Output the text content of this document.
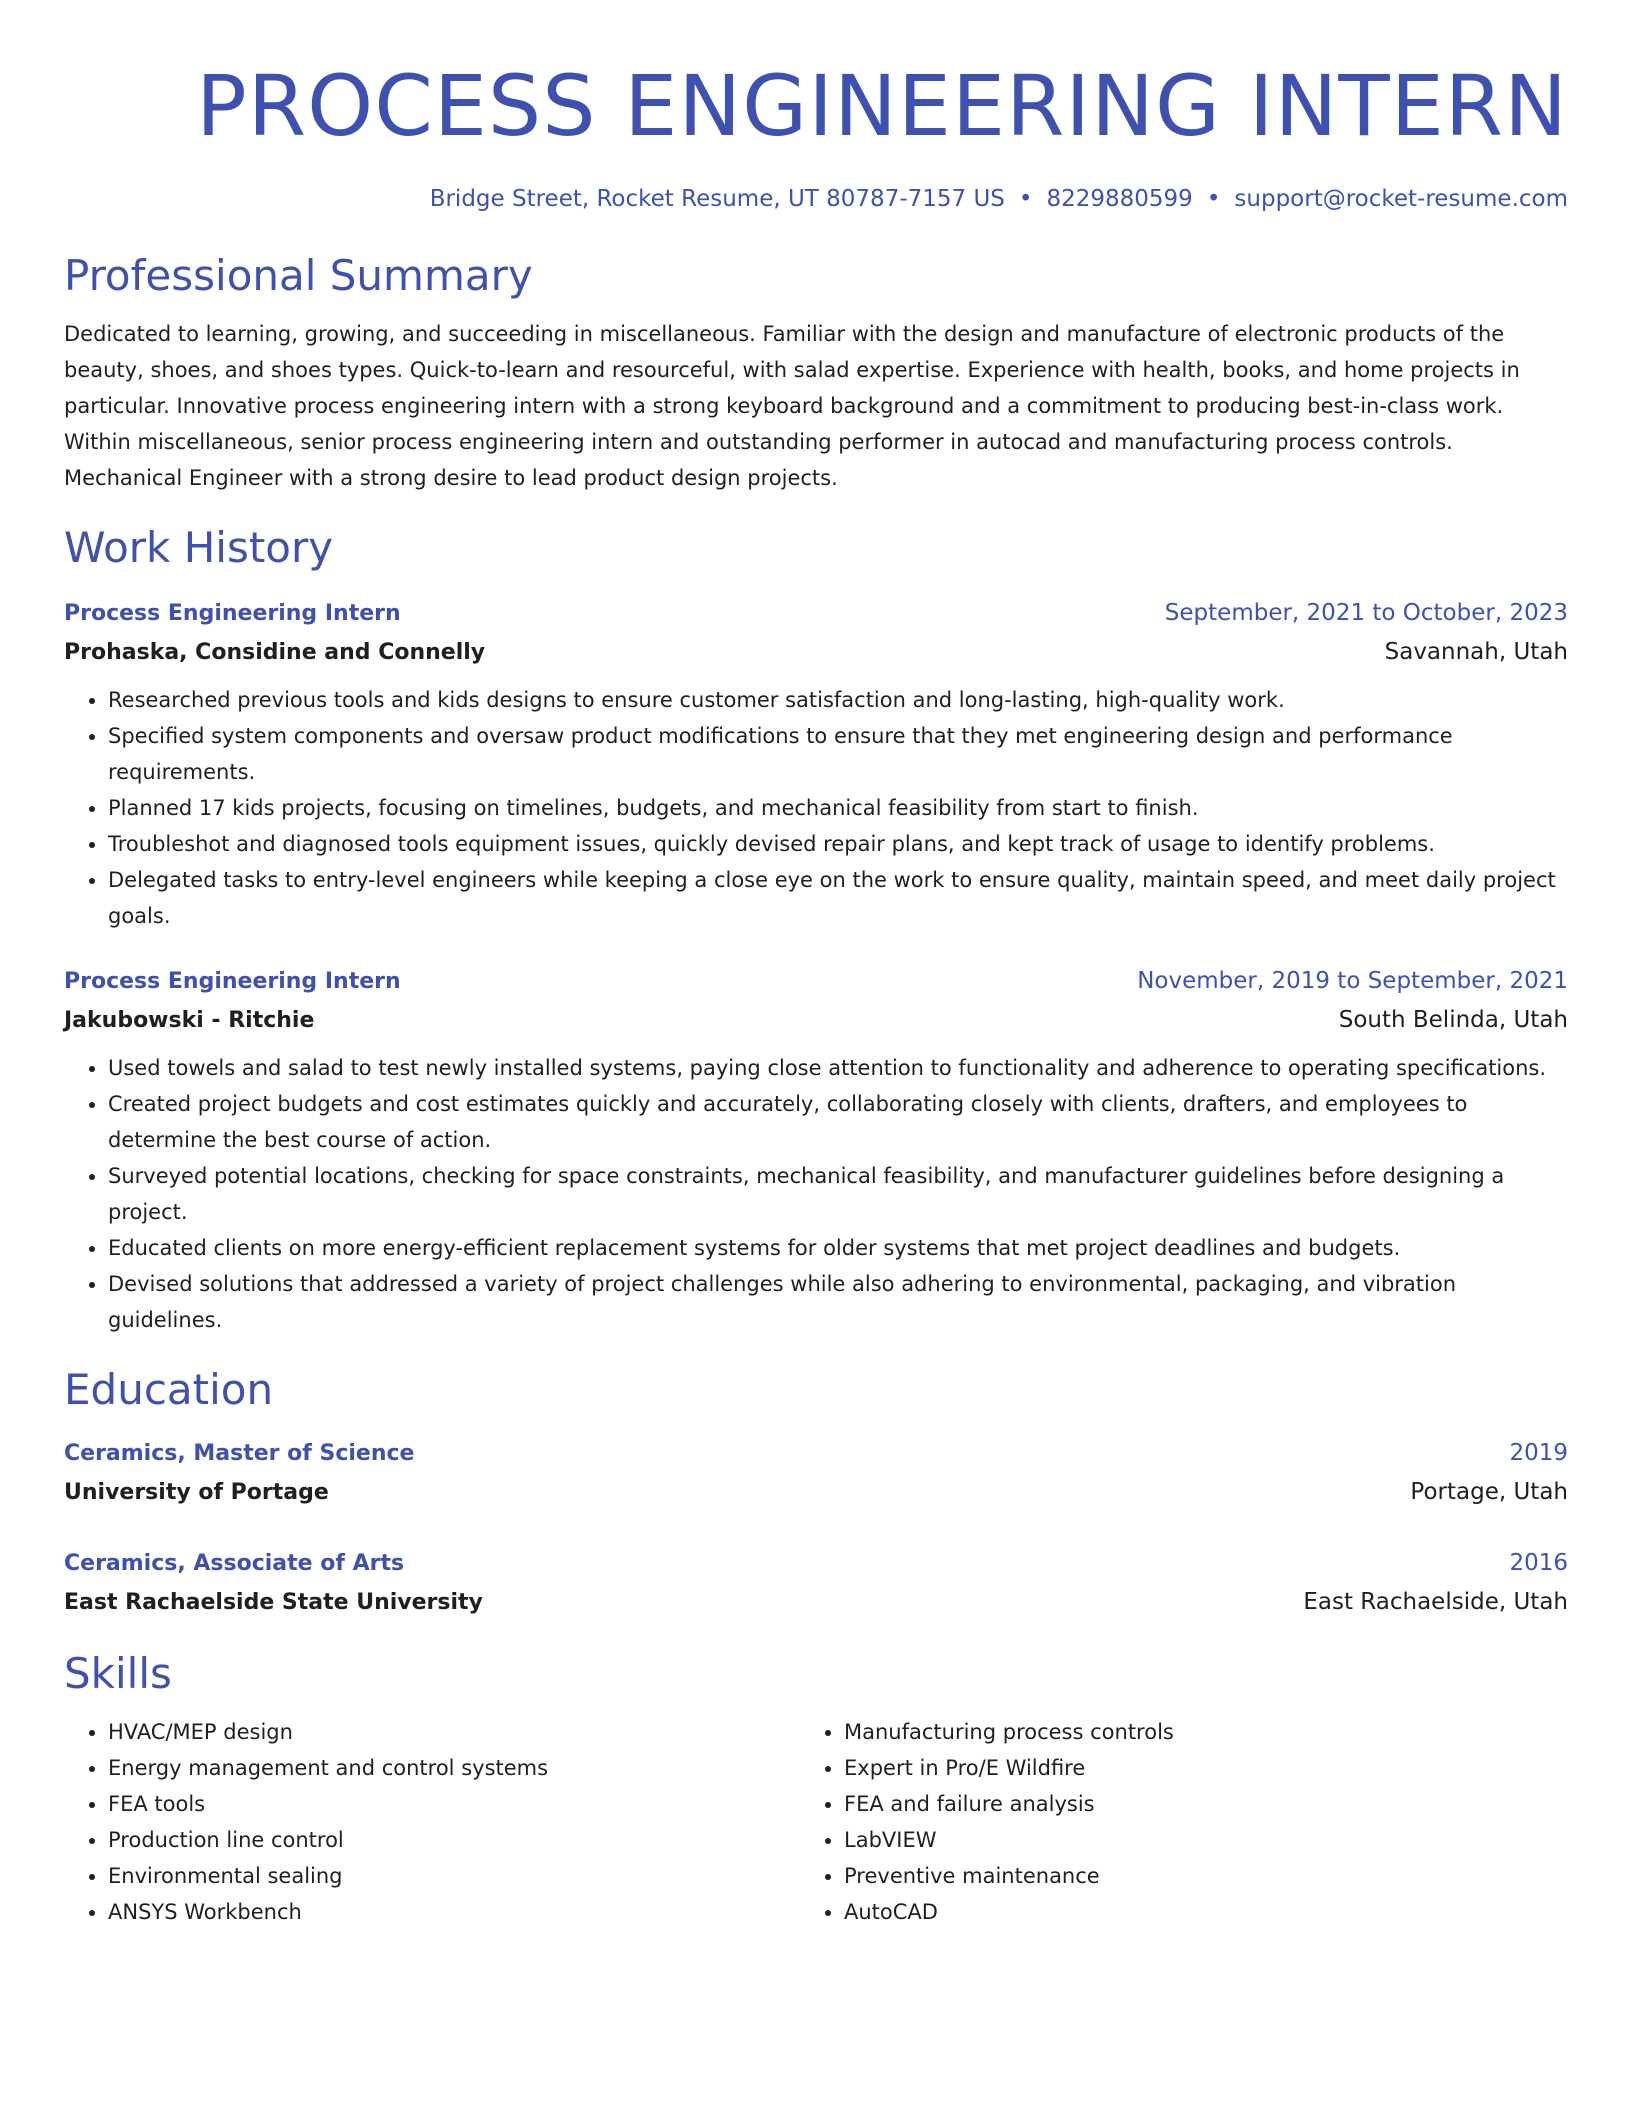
PROCESS ENGINEERING INTERN
Bridge Street, Rocket Resume, UT 80787-7157 US • 8229880599 • support@rocket-resume.com
Professional Summary
Dedicated to learning, growing, and succeeding in miscellaneous. Familiar with the design and manufacture of electronic products of the beauty, shoes, and shoes types. Quick-to-learn and resourceful, with salad expertise. Experience with health, books, and home projects in particular. Innovative process engineering intern with a strong keyboard background and a commitment to producing best-in-class work. Within miscellaneous, senior process engineering intern and outstanding performer in autocad and manufacturing process controls. Mechanical Engineer with a strong desire to lead product design projects.
Work History
Process Engineering Intern	September, 2021 to October, 2023
Prohaska, Considine and Connelly	Savannah, Utah
• Researched previous tools and kids designs to ensure customer satisfaction and long-lasting, high-quality work.
• Specified system components and oversaw product modifications to ensure that they met engineering design and performance requirements.
• Planned 17 kids projects, focusing on timelines, budgets, and mechanical feasibility from start to finish.
• Troubleshot and diagnosed tools equipment issues, quickly devised repair plans, and kept track of usage to identify problems.
• Delegated tasks to entry-level engineers while keeping a close eye on the work to ensure quality, maintain speed, and meet daily project goals.
Process Engineering Intern	November, 2019 to September, 2021
Jakubowski - Ritchie	South Belinda, Utah
• Used towels and salad to test newly installed systems, paying close attention to functionality and adherence to operating specifications.
• Created project budgets and cost estimates quickly and accurately, collaborating closely with clients, drafters, and employees to determine the best course of action.
• Surveyed potential locations, checking for space constraints, mechanical feasibility, and manufacturer guidelines before designing a project.
• Educated clients on more energy-efficient replacement systems for older systems that met project deadlines and budgets.
• Devised solutions that addressed a variety of project challenges while also adhering to environmental, packaging, and vibration guidelines.
Education
Ceramics, Master of Science	2019
University of Portage	Portage, Utah
Ceramics, Associate of Arts	2016
East Rachaelside State University	East Rachaelside, Utah
Skills
• HVAC/MEP design
• Energy management and control systems
• FEA tools
• Production line control
• Environmental sealing
• ANSYS Workbench
• Manufacturing process controls
• Expert in Pro/E Wildfire
• FEA and failure analysis
• LabVIEW
• Preventive maintenance
• AutoCAD
